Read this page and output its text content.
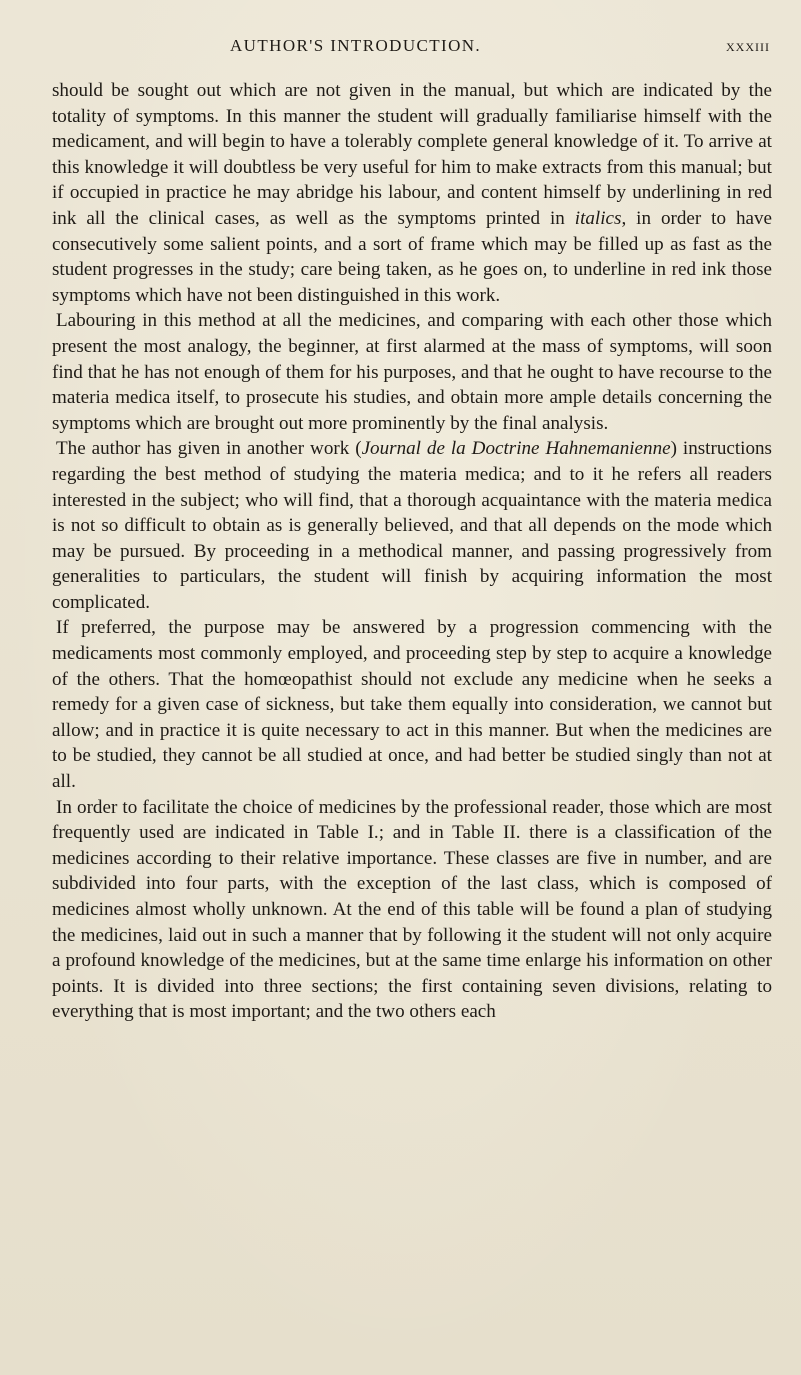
AUTHOR'S INTRODUCTION.	xxxiii

should be sought out which are not given in the manual, but which are indicated by the totality of symptoms. In this manner the student will gradually familiarise himself with the medicament, and will begin to have a tolerably complete general knowledge of it. To arrive at this knowledge it will doubtless be very useful for him to make extracts from this manual; but if occupied in practice he may abridge his labour, and content himself by underlining in red ink all the clinical cases, as well as the symptoms printed in italics, in order to have consecutively some salient points, and a sort of frame which may be filled up as fast as the student progresses in the study; care being taken, as he goes on, to underline in red ink those symptoms which have not been distinguished in this work.

Labouring in this method at all the medicines, and comparing with each other those which present the most analogy, the beginner, at first alarmed at the mass of symptoms, will soon find that he has not enough of them for his purposes, and that he ought to have recourse to the materia medica itself, to prosecute his studies, and obtain more ample details concerning the symptoms which are brought out more prominently by the final analysis.

The author has given in another work (Journal de la Doctrine Hahnemanienne) instructions regarding the best method of studying the materia medica; and to it he refers all readers interested in the subject; who will find, that a thorough acquaintance with the materia medica is not so difficult to obtain as is generally believed, and that all depends on the mode which may be pursued. By proceeding in a methodical manner, and passing progressively from generalities to particulars, the student will finish by acquiring information the most complicated.

If preferred, the purpose may be answered by a progression commencing with the medicaments most commonly employed, and proceeding step by step to acquire a knowledge of the others. That the homœopathist should not exclude any medicine when he seeks a remedy for a given case of sickness, but take them equally into consideration, we cannot but allow; and in practice it is quite necessary to act in this manner. But when the medicines are to be studied, they cannot be all studied at once, and had better be studied singly than not at all.

In order to facilitate the choice of medicines by the professional reader, those which are most frequently used are indicated in Table I.; and in Table II. there is a classification of the medicines according to their relative importance. These classes are five in number, and are subdivided into four parts, with the exception of the last class, which is composed of medicines almost wholly unknown. At the end of this table will be found a plan of studying the medicines, laid out in such a manner that by following it the student will not only acquire a profound knowledge of the medicines, but at the same time enlarge his information on other points. It is divided into three sections; the first containing seven divisions, relating to everything that is most important; and the two others each
